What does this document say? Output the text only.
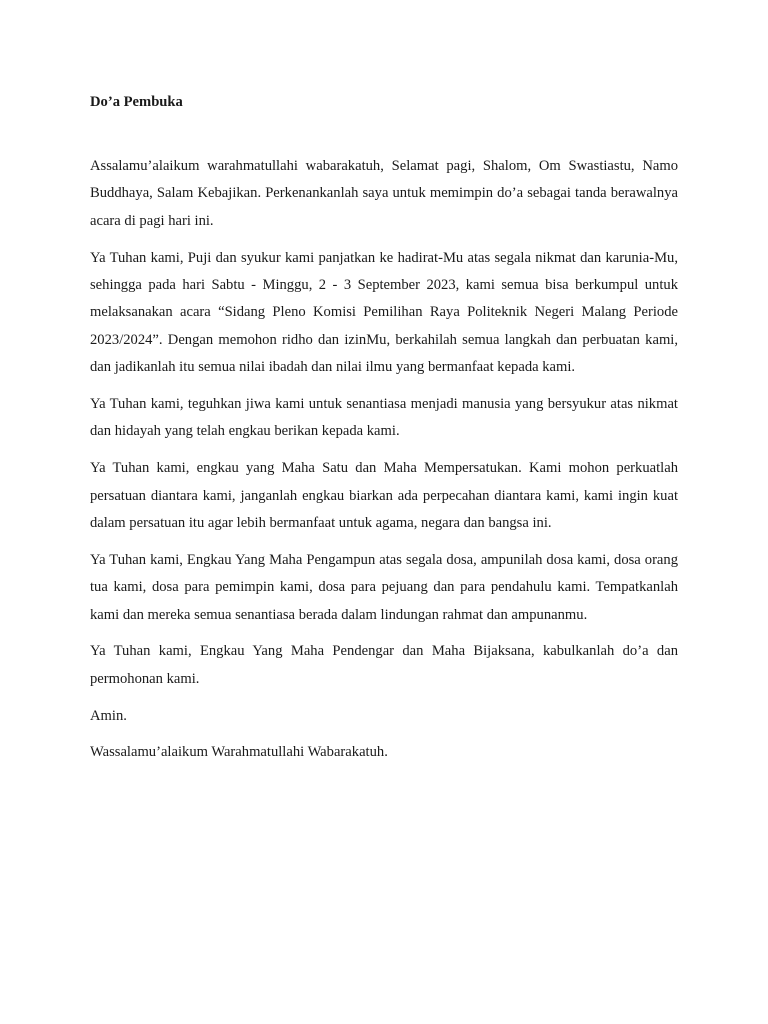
Do’a Pembuka

Assalamu’alaikum warahmatullahi wabarakatuh, Selamat pagi, Shalom, Om Swastiastu, Namo Buddhaya, Salam Kebajikan. Perkenankanlah saya untuk memimpin do’a sebagai tanda berawalnya acara di pagi hari ini.

Ya Tuhan kami, Puji dan syukur kami panjatkan ke hadirat-Mu atas segala nikmat dan karunia-Mu, sehingga pada hari Sabtu - Minggu, 2 - 3 September 2023, kami semua bisa berkumpul untuk melaksanakan acara “Sidang Pleno Komisi Pemilihan Raya Politeknik Negeri Malang Periode 2023/2024”. Dengan memohon ridho dan izinMu, berkahilah semua langkah dan perbuatan kami, dan jadikanlah itu semua nilai ibadah dan nilai ilmu yang bermanfaat kepada kami.

Ya Tuhan kami, teguhkan jiwa kami untuk senantiasa menjadi manusia yang bersyukur atas nikmat dan hidayah yang telah engkau berikan kepada kami.

Ya Tuhan kami, engkau yang Maha Satu dan Maha Mempersatukan. Kami mohon perkuatlah persatuan diantara kami, janganlah engkau biarkan ada perpecahan diantara kami, kami ingin kuat dalam persatuan itu agar lebih bermanfaat untuk agama, negara dan bangsa ini.

Ya Tuhan kami, Engkau Yang Maha Pengampun atas segala dosa, ampunilah dosa kami, dosa orang tua kami, dosa para pemimpin kami, dosa para pejuang dan para pendahulu kami. Tempatkanlah kami dan mereka semua senantiasa berada dalam lindungan rahmat dan ampunanmu.

Ya Tuhan kami, Engkau Yang Maha Pendengar dan Maha Bijaksana, kabulkanlah do’a dan permohonan kami.

Amin.

Wassalamu’alaikum Warahmatullahi Wabarakatuh.
